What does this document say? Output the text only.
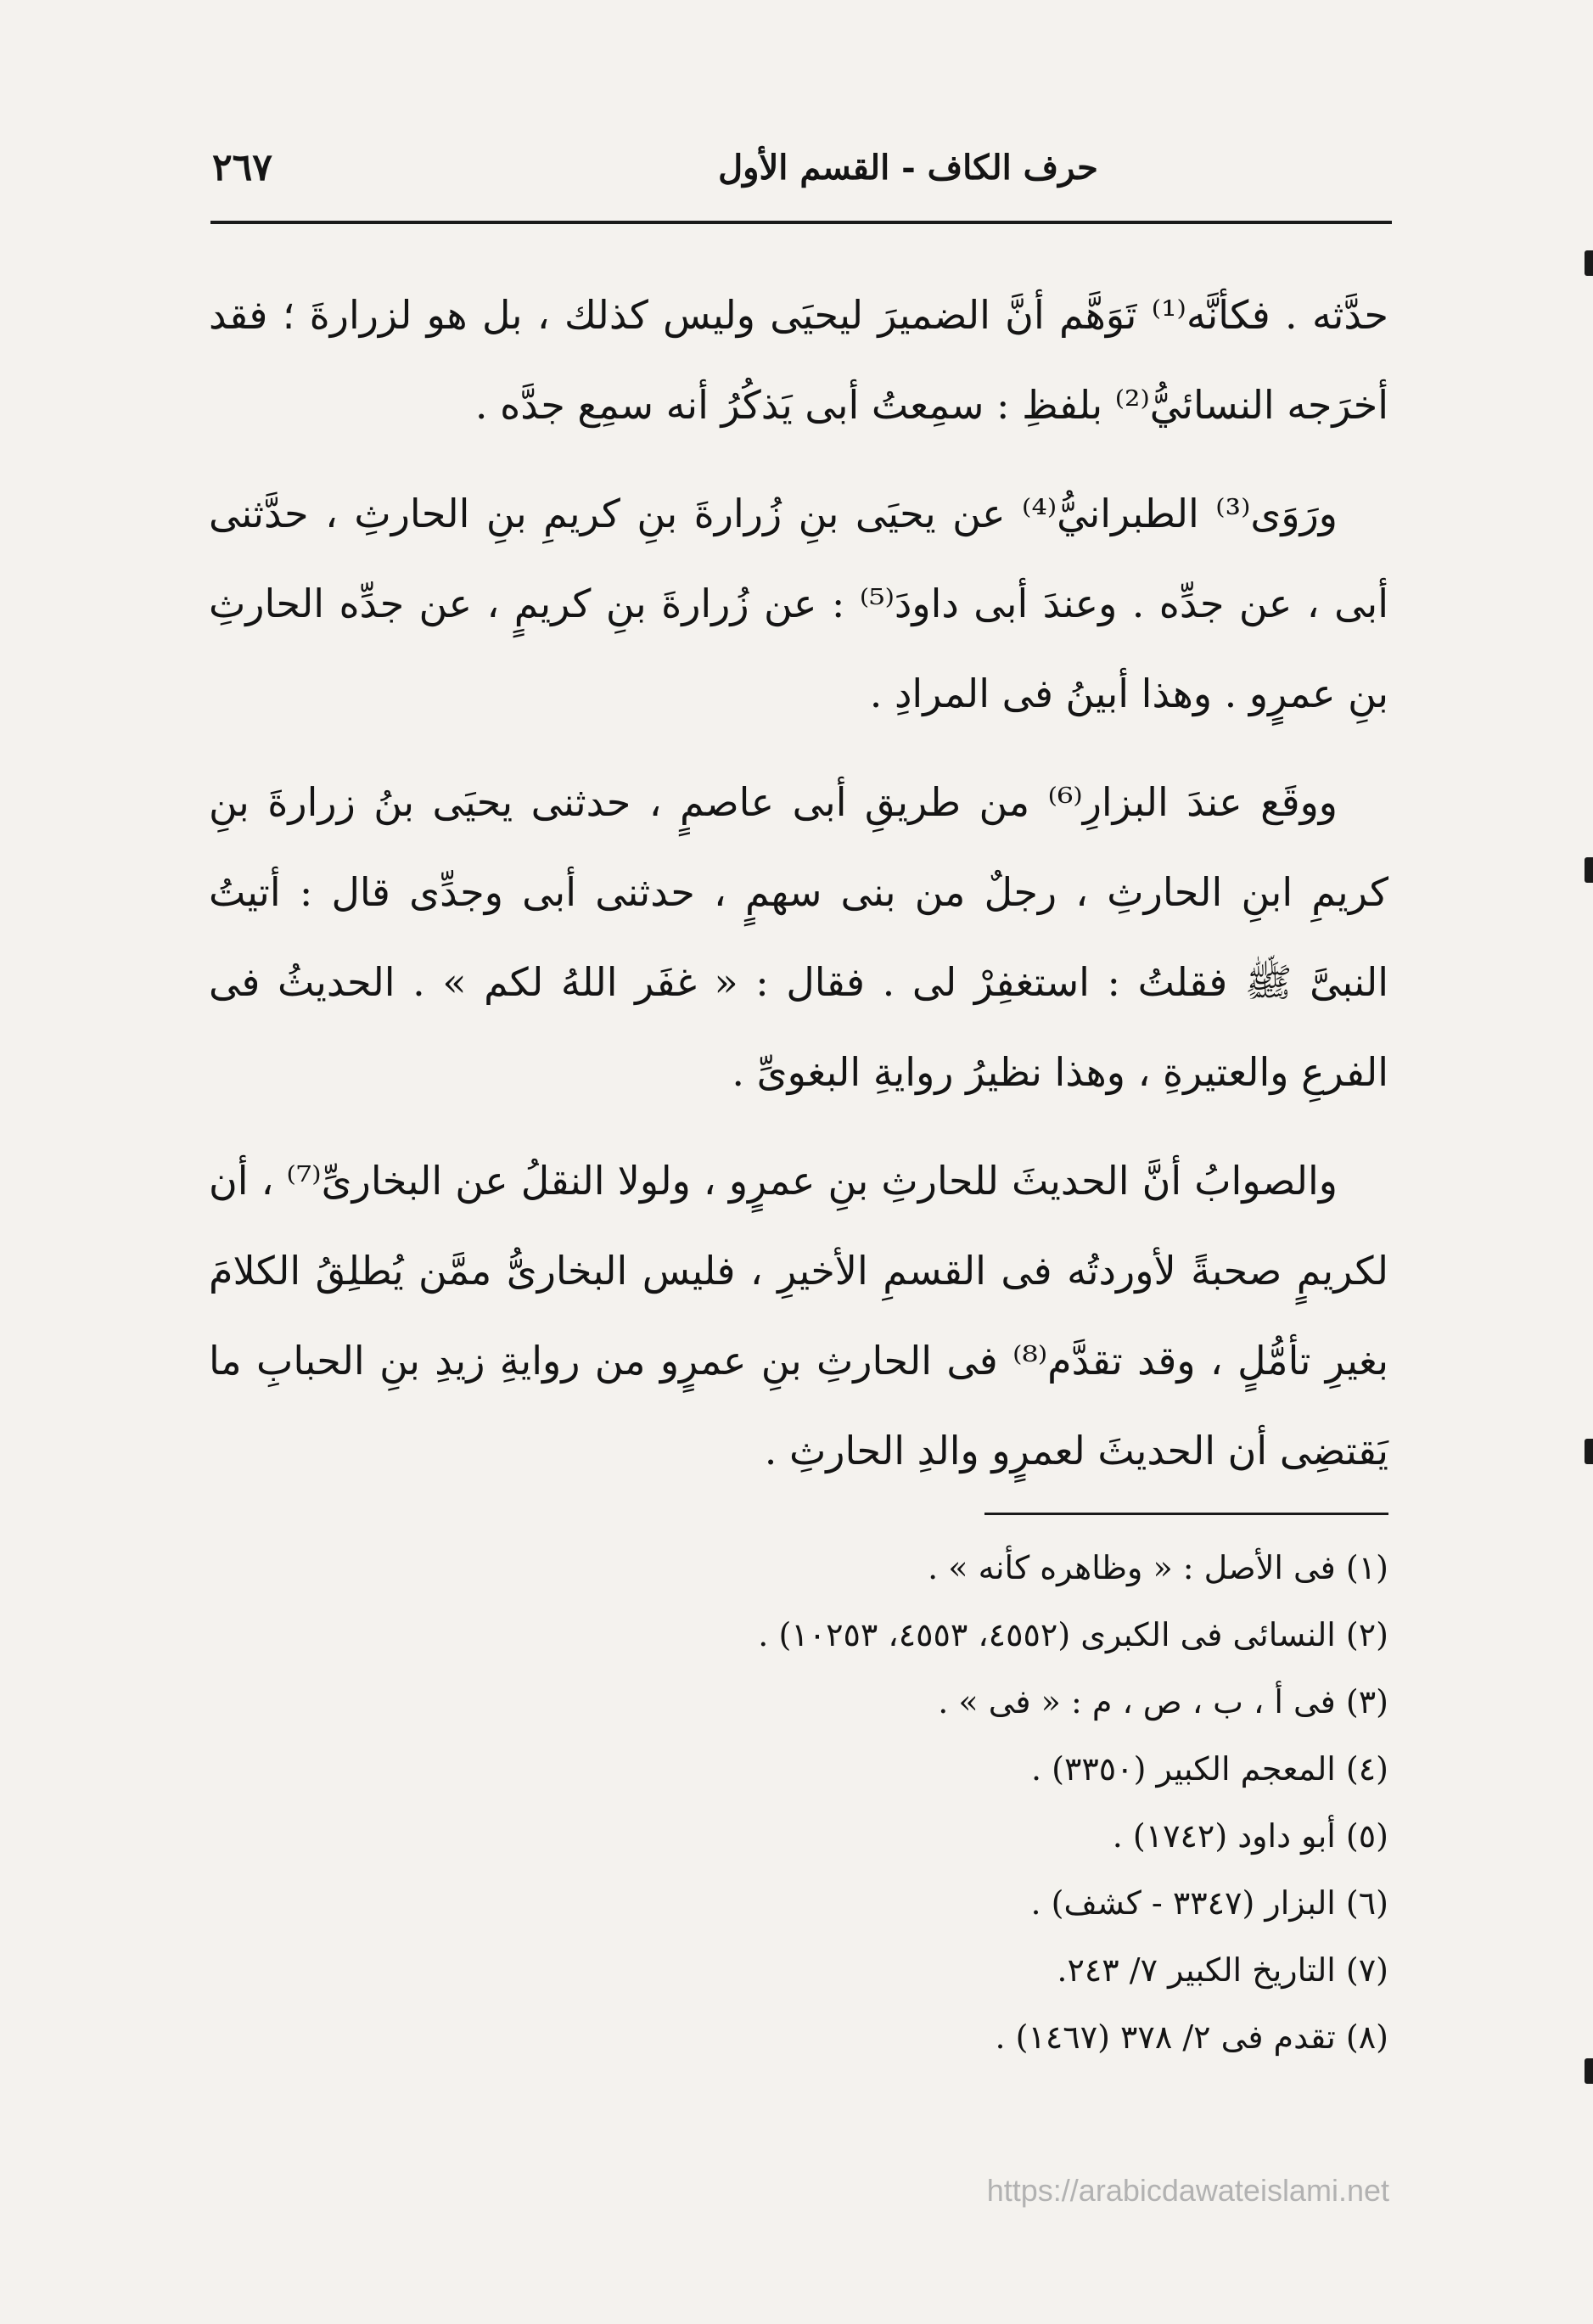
٢٦٧	حرف الكاف - القسم الأول

حدَّثه . فكأنَّه⁽¹⁾ تَوَهَّم أنَّ الضميرَ ليحيَى وليس كذلك ، بل هو لزرارةَ ؛ فقد أخرَجه النسائيُّ⁽²⁾ بلفظِ : سمِعتُ أبى يَذكُرُ أنه سمِع جدَّه .

ورَوَى⁽³⁾ الطبرانيُّ⁽⁴⁾ عن يحيَى بنِ زُرارةَ بنِ كريمِ بنِ الحارثِ ، حدَّثنى أبى ، عن جدِّه . وعندَ أبى داودَ⁽⁵⁾ : عن زُرارةَ بنِ كريمٍ ، عن جدِّه الحارثِ بنِ عمرٍو . وهذا أبينُ فى المرادِ .

ووقَع عندَ البزارِ⁽⁶⁾ من طريقِ أبى عاصمٍ ، حدثنى يحيَى بنُ زرارةَ بنِ كريمِ ابنِ الحارثِ ، رجلٌ من بنى سهمٍ ، حدثنى أبى وجدِّى قال : أتيتُ النبىَّ ﷺ فقلتُ : استغفِرْ لى . فقال : « غفَر اللهُ لكم » . الحديثُ فى الفرعِ والعتيرةِ ، وهذا نظيرُ روايةِ البغوىِّ .

والصوابُ أنَّ الحديثَ للحارثِ بنِ عمرٍو ، ولولا النقلُ عن البخارىِّ⁽⁷⁾ ، أن لكريمٍ صحبةً لأوردتُه فى القسمِ الأخيرِ ، فليس البخارىُّ ممَّن يُطلِقُ الكلامَ بغيرِ تأمُّلٍ ، وقد تقدَّم⁽⁸⁾ فى الحارثِ بنِ عمرٍو من روايةِ زيدِ بنِ الحبابِ ما يَقتضِى أن الحديثَ لعمرٍو والدِ الحارثِ .

(١) فى الأصل : « وظاهره كأنه » .
(٢) النسائى فى الكبرى (٤٥٥٢، ٤٥٥٣، ١٠٢٥٣) .
(٣) فى أ ، ب ، ص ، م : « فى » .
(٤) المعجم الكبير (٣٣٥٠) .
(٥) أبو داود (١٧٤٢) .
(٦) البزار (٣٣٤٧ - كشف) .
(٧) التاريخ الكبير ٧/ ٢٤٣.
(٨) تقدم فى ٢/ ٣٧٨ (١٤٦٧) .
https://arabicdawateislami.net
